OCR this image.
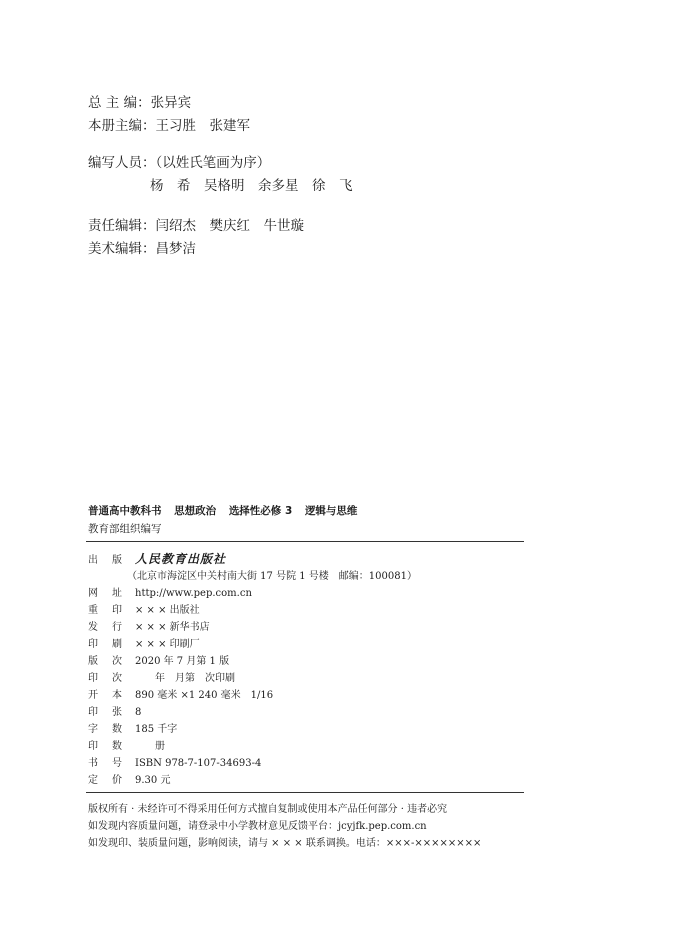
总 主 编：张异宾
本册主编：王习胜　张建军
编写人员：（以姓氏笔画为序）
杨　希　吴格明　余多星　徐　飞
责任编辑：闫绍杰　樊庆红　牛世璇
美术编辑：昌梦洁
普通高中教科书 思想政治 选择性必修 3 逻辑与思维
教育部组织编写
出 版 人民教育出版社
（北京市海淀区中关村南大街 17 号院 1 号楼　邮编：100081）
网 址 http://www.pep.com.cn
重 印 × × × 出版社
发 行 × × × 新华书店
印 刷 × × × 印刷厂
版 次 2020 年 7 月第 1 版
印 次　　年　月第　次印刷
开 本 890 毫米 ×1 240 毫米　1/16
印 张 8
字 数 185 千字
印 数　　册
书 号 ISBN 978-7-107-34693-4
定 价 9.30 元
版权所有 · 未经许可不得采用任何方式擅自复制或使用本产品任何部分 · 违者必究
如发现内容质量问题，请登录中小学教材意见反馈平台：jcyjfk.pep.com.cn
如发现印、装质量问题，影响阅读，请与 × × × 联系调换。电话：×××-××××××××
